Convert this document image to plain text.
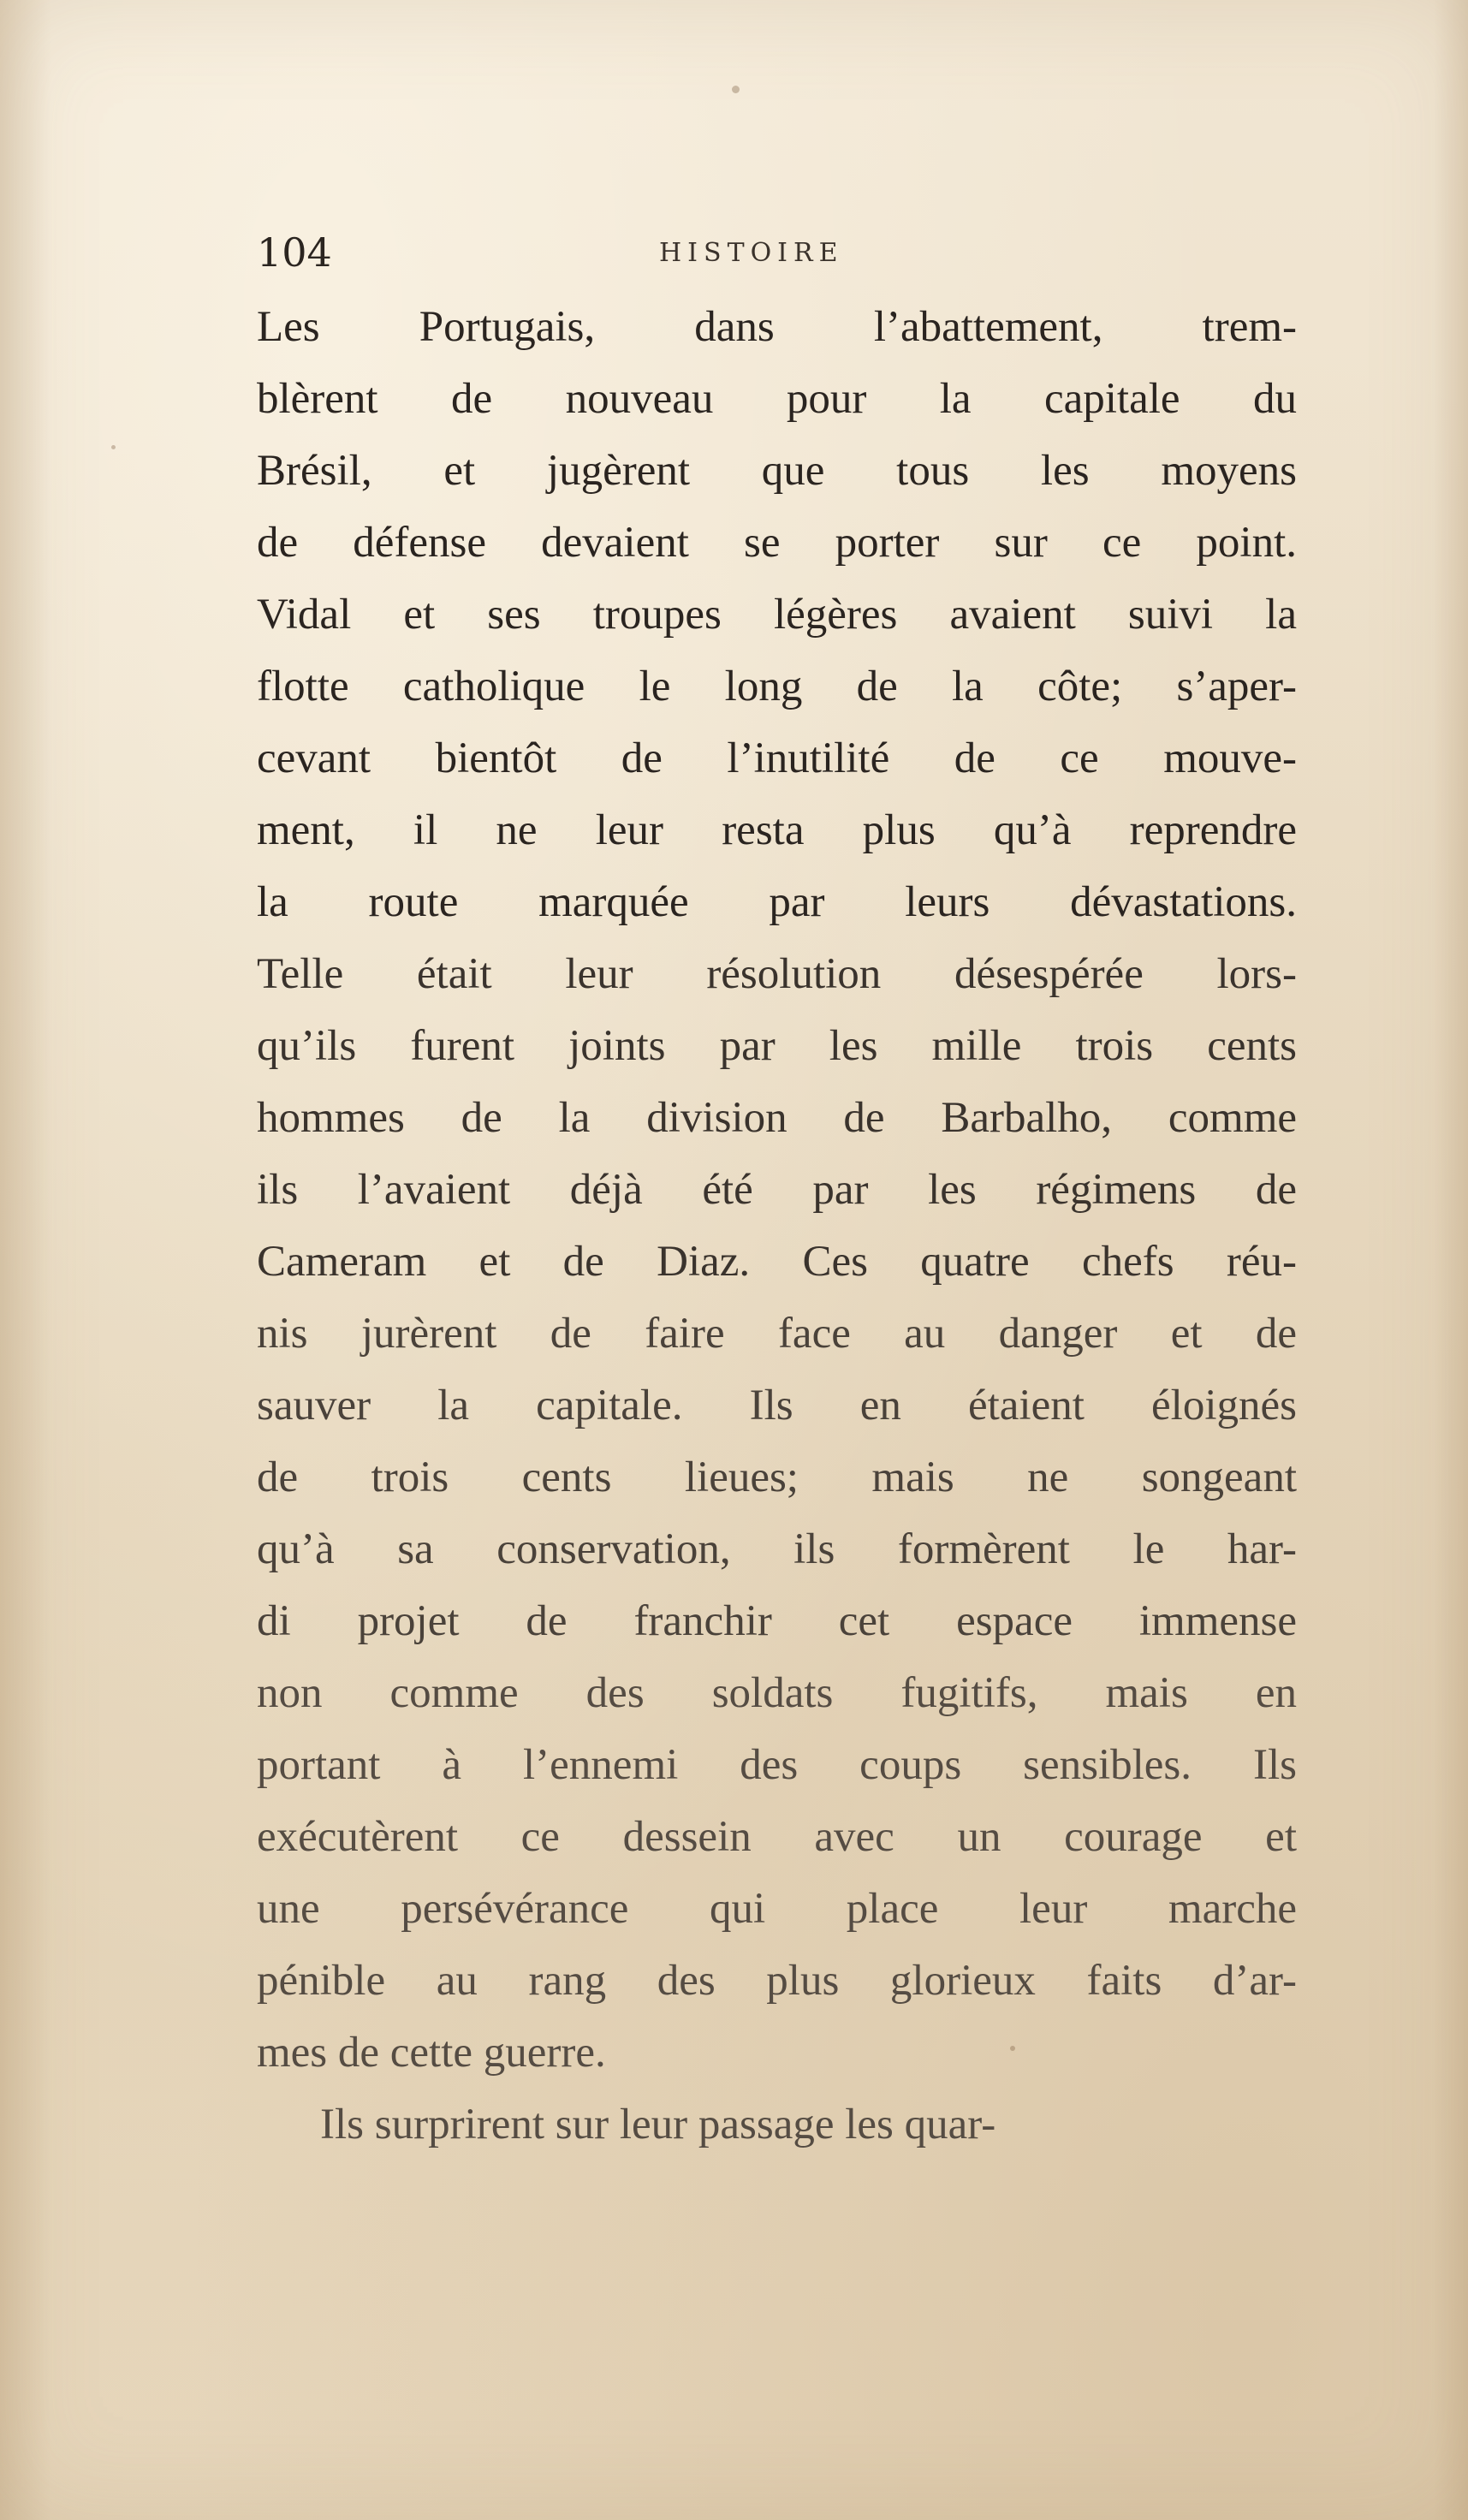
104	HISTOIRE
Les Portugais, dans l’abattement, trem-
blèrent de nouveau pour la capitale du
Brésil, et jugèrent que tous les moyens
de défense devaient se porter sur ce point.
Vidal et ses troupes légères avaient suivi la
flotte catholique le long de la côte; s’aper-
cevant bientôt de l’inutilité de ce mouve-
ment, il ne leur resta plus qu’à reprendre
la route marquée par leurs dévastations.
Telle était leur résolution désespérée lors-
qu’ils furent joints par les mille trois cents
hommes de la division de Barbalho, comme
ils l’avaient déjà été par les régimens de
Cameram et de Diaz. Ces quatre chefs réu-
nis jurèrent de faire face au danger et de
sauver la capitale. Ils en étaient éloignés
de trois cents lieues; mais ne songeant
qu’à sa conservation, ils formèrent le har-
di projet de franchir cet espace immense
non comme des soldats fugitifs, mais en
portant à l’ennemi des coups sensibles. Ils
exécutèrent ce dessein avec un courage et
une persévérance qui place leur marche
pénible au rang des plus glorieux faits d’ar-
mes de cette guerre.
Ils surprirent sur leur passage les quar-
